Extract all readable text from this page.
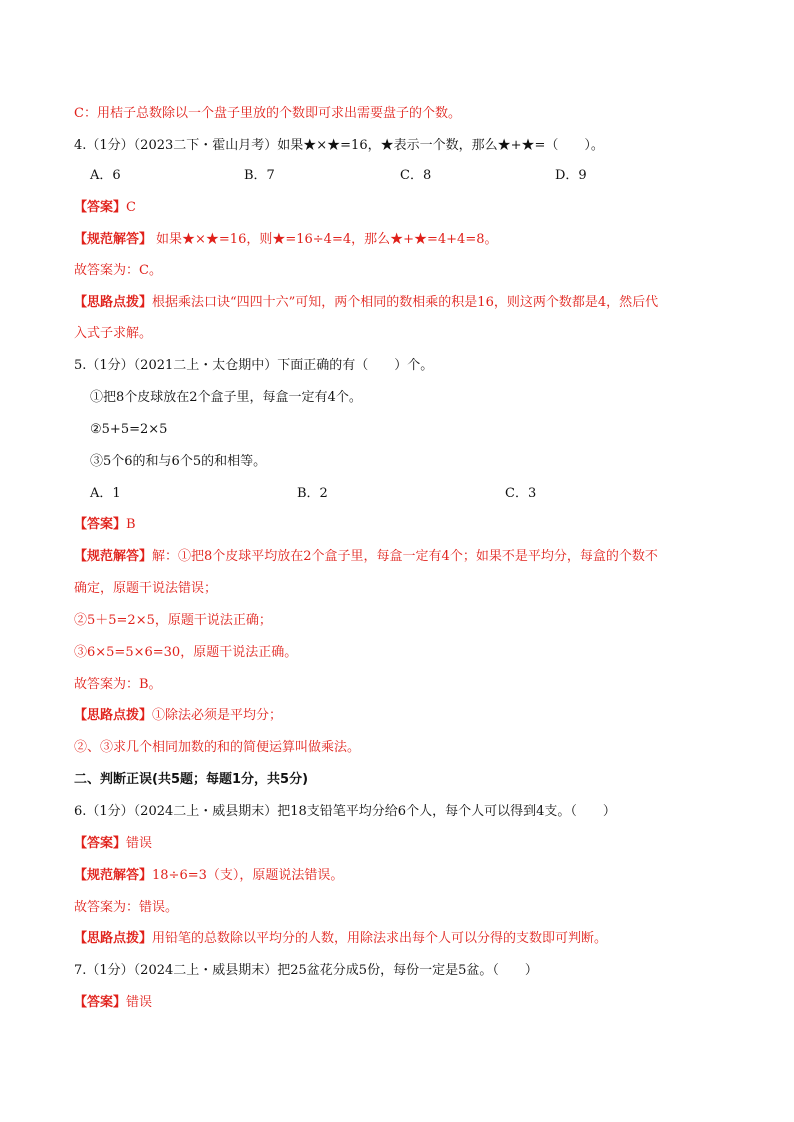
C：用桔子总数除以一个盘子里放的个数即可求出需要盘子的个数。
4.（1分）（2023二下・霍山月考）如果★×★=16，★表示一个数，那么★+★=（　　）。
A．6	B．7	C．8	D．9
【答案】C
【规范解答】 如果★×★=16，则★=16÷4=4，那么★+★=4+4=8。
故答案为：C。
【思路点拨】根据乘法口诀“四四十六”可知，两个相同的数相乘的积是16，则这两个数都是4，然后代
入式子求解。
5.（1分）（2021二上・太仓期中）下面正确的有（　　）个。
①把8个皮球放在2个盒子里，每盒一定有4个。
②5+5=2×5
③5个6的和与6个5的和相等。
A．1	B．2	C．3
【答案】B
【规范解答】解：①把8个皮球平均放在2个盒子里，每盒一定有4个；如果不是平均分，每盒的个数不
确定，原题干说法错误；
②5＋5=2×5，原题干说法正确；
③6×5=5×6=30，原题干说法正确。
故答案为：B。
【思路点拨】①除法必须是平均分；
②、③求几个相同加数的和的简便运算叫做乘法。
二、判断正误(共5题；每题1分，共5分)
6.（1分）（2024二上・威县期末）把18支铅笔平均分给6个人，每个人可以得到4支。（　　）
【答案】错误
【规范解答】18÷6=3（支），原题说法错误。
故答案为：错误。
【思路点拨】用铅笔的总数除以平均分的人数，用除法求出每个人可以分得的支数即可判断。
7.（1分）（2024二上・威县期末）把25盆花分成5份，每份一定是5盆。（　　）
【答案】错误
